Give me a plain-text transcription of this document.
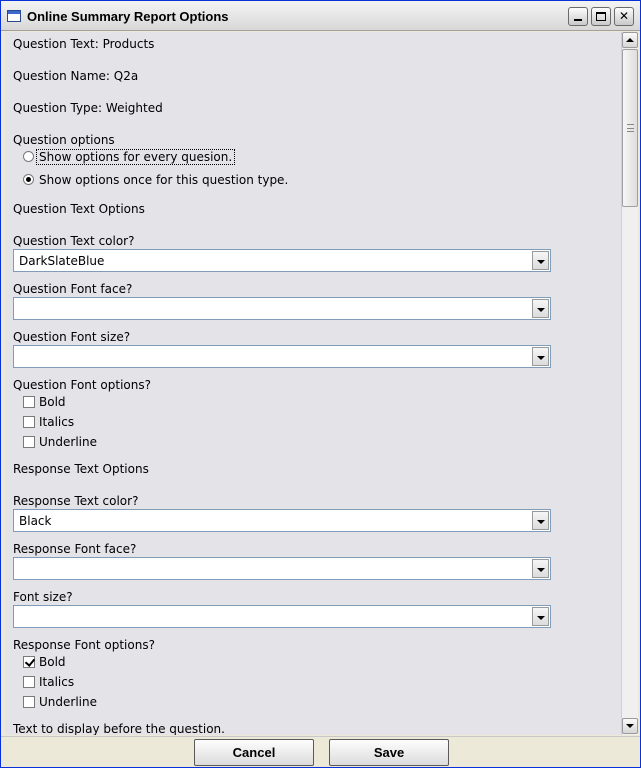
Online Summary Report Options	✕
Question Text: Products
Question Name: Q2a
Question Type: Weighted
Question options
Show options for every quesion.
Show options once for this question type.
Question Text Options
Question Text color?
DarkSlateBlue
Question Font face?
Question Font size?
Question Font options?
Bold
Italics
Underline
Response Text Options
Response Text color?
Black
Response Font face?
Font size?
Response Font options?
Bold
Italics
Underline
Text to display before the question.
Cancel	Save
